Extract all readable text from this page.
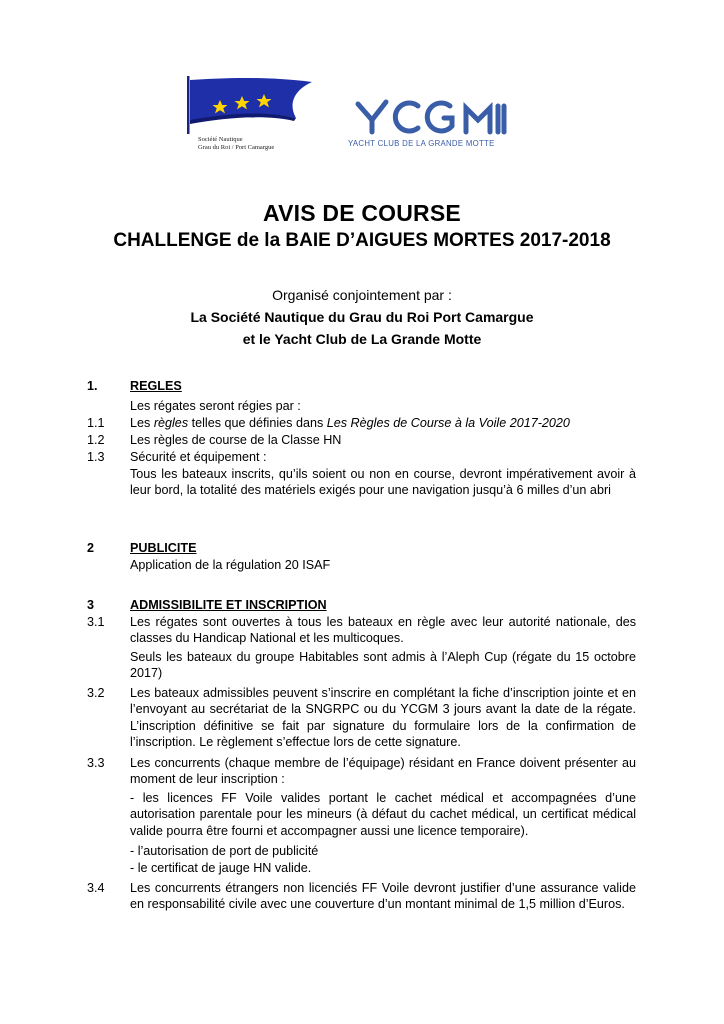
Société Nautique
Grau du Roi / Port Camargue
YCGM
YACHT CLUB DE LA GRANDE MOTTE
AVIS DE COURSE
CHALLENGE de la BAIE D’AIGUES MORTES 2017-2018
Organisé conjointement par :
La Société Nautique du Grau du Roi Port Camargue
et le Yacht Club de La Grande Motte
1.	REGLES
Les régates seront régies par :
1.1 Les règles telles que définies dans Les Règles de Course à la Voile 2017-2020
1.2 Les règles de course de la Classe HN
1.3 Sécurité et équipement :
Tous les bateaux inscrits, qu’ils soient ou non en course, devront impérativement avoir à leur bord, la totalité des matériels exigés pour une navigation jusqu’à 6 milles d’un abri
2	PUBLICITE
Application de la régulation 20 ISAF
3	ADMISSIBILITE ET INSCRIPTION
3.1 Les régates sont ouvertes à tous les bateaux en règle avec leur autorité nationale, des classes du Handicap National et les multicoques.
Seuls les bateaux du groupe Habitables sont admis à l’Aleph Cup (régate du 15 octobre 2017)
3.2 Les bateaux admissibles peuvent s’inscrire en complétant la fiche d’inscription jointe et en l’envoyant au secrétariat de la SNGRPC ou du YCGM 3 jours avant la date de la régate. L’inscription définitive se fait par signature du formulaire lors de la confirmation de l’inscription. Le règlement s’effectue lors de cette signature.
3.3 Les concurrents (chaque membre de l’équipage) résidant en France doivent présenter au moment de leur inscription :
- les licences FF Voile valides portant le cachet médical et accompagnées d’une autorisation parentale pour les mineurs (à défaut du cachet médical, un certificat médical valide pourra être fourni et accompagner aussi une licence temporaire).
- l’autorisation de port de publicité
- le certificat de jauge HN valide.
3.4 Les concurrents étrangers non licenciés FF Voile devront justifier d’une assurance valide en responsabilité civile avec une couverture d’un montant minimal de 1,5 million d’Euros.
